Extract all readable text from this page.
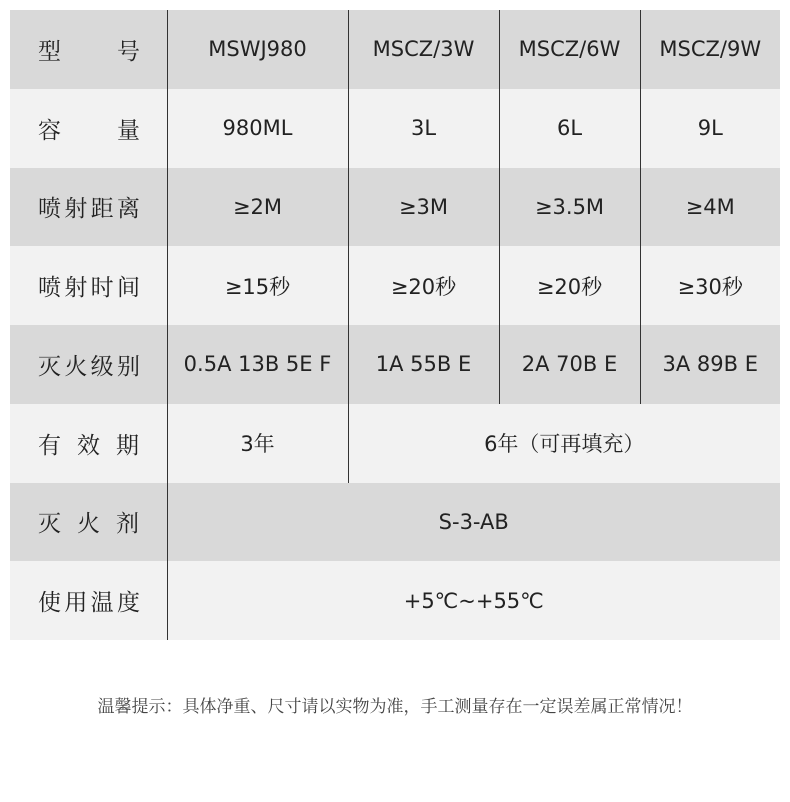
型 号	MSWJ980	MSCZ/3W	MSCZ/6W	MSCZ/9W

容 量	980ML	3L	6L	9L

喷射距离	≥2M	≥3M	≥3.5M	≥4M

喷射时间	≥15秒	≥20秒	≥20秒	≥30秒

灭火级别	0.5A 13B 5E F	1A 55B E	2A 70B E	3A 89B E

有 效 期	3年	6年（可再填充）		

灭 火 剂	S-3-AB			

使用温度	+5℃~+55℃			
温馨提示：具体净重、尺寸请以实物为准，手工测量存在一定误差属正常情况！
